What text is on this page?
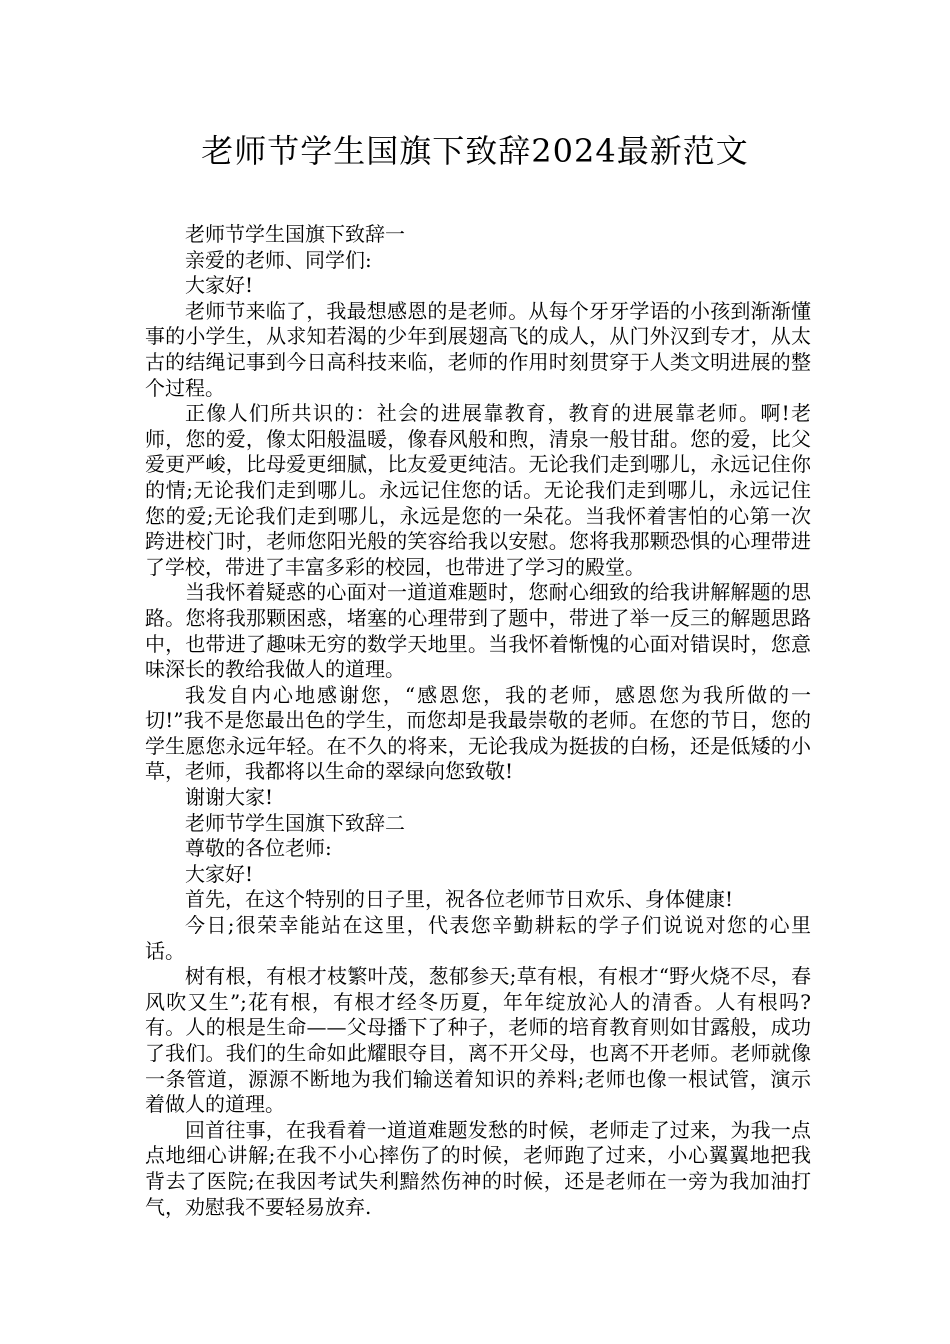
老师节学生国旗下致辞2024最新范文

老师节学生国旗下致辞一

亲爱的老师、同学们:

大家好!

老师节来临了，我最想感恩的是老师。从每个牙牙学语的小孩到渐渐懂事的小学生，从求知若渴的少年到展翅高飞的成人，从门外汉到专才，从太古的结绳记事到今日高科技来临，老师的作用时刻贯穿于人类文明进展的整个过程。

正像人们所共识的：社会的进展靠教育，教育的进展靠老师。啊!老师，您的爱，像太阳般温暖，像春风般和煦，清泉一般甘甜。您的爱，比父爱更严峻，比母爱更细腻，比友爱更纯洁。无论我们走到哪儿，永远记住你的情;无论我们走到哪儿。永远记住您的话。无论我们走到哪儿，永远记住您的爱;无论我们走到哪儿，永远是您的一朵花。当我怀着害怕的心第一次跨进校门时，老师您阳光般的笑容给我以安慰。您将我那颗恐惧的心理带进了学校，带进了丰富多彩的校园，也带进了学习的殿堂。

当我怀着疑惑的心面对一道道难题时，您耐心细致的给我讲解解题的思路。您将我那颗困惑，堵塞的心理带到了题中，带进了举一反三的解题思路中，也带进了趣味无穷的数学天地里。当我怀着惭愧的心面对错误时，您意味深长的教给我做人的道理。

我发自内心地感谢您，“感恩您，我的老师，感恩您为我所做的一切!”我不是您最出色的学生，而您却是我最崇敬的老师。在您的节日，您的学生愿您永远年轻。在不久的将来，无论我成为挺拔的白杨，还是低矮的小草，老师，我都将以生命的翠绿向您致敬!

谢谢大家!

老师节学生国旗下致辞二

尊敬的各位老师:

大家好!

首先，在这个特别的日子里，祝各位老师节日欢乐、身体健康!

今日;很荣幸能站在这里，代表您辛勤耕耘的学子们说说对您的心里话。

树有根，有根才枝繁叶茂，葱郁参天;草有根，有根才“野火烧不尽，春风吹又生”;花有根，有根才经冬历夏，年年绽放沁人的清香。人有根吗?有。人的根是生命——父母播下了种子，老师的培育教育则如甘露般，成功了我们。我们的生命如此耀眼夺目，离不开父母，也离不开老师。老师就像一条管道，源源不断地为我们输送着知识的养料;老师也像一根试管，演示着做人的道理。

回首往事，在我看着一道道难题发愁的时候，老师走了过来，为我一点点地细心讲解;在我不小心摔伤了的时候，老师跑了过来，小心翼翼地把我背去了医院;在我因考试失利黯然伤神的时候，还是老师在一旁为我加油打气，劝慰我不要轻易放弃.
